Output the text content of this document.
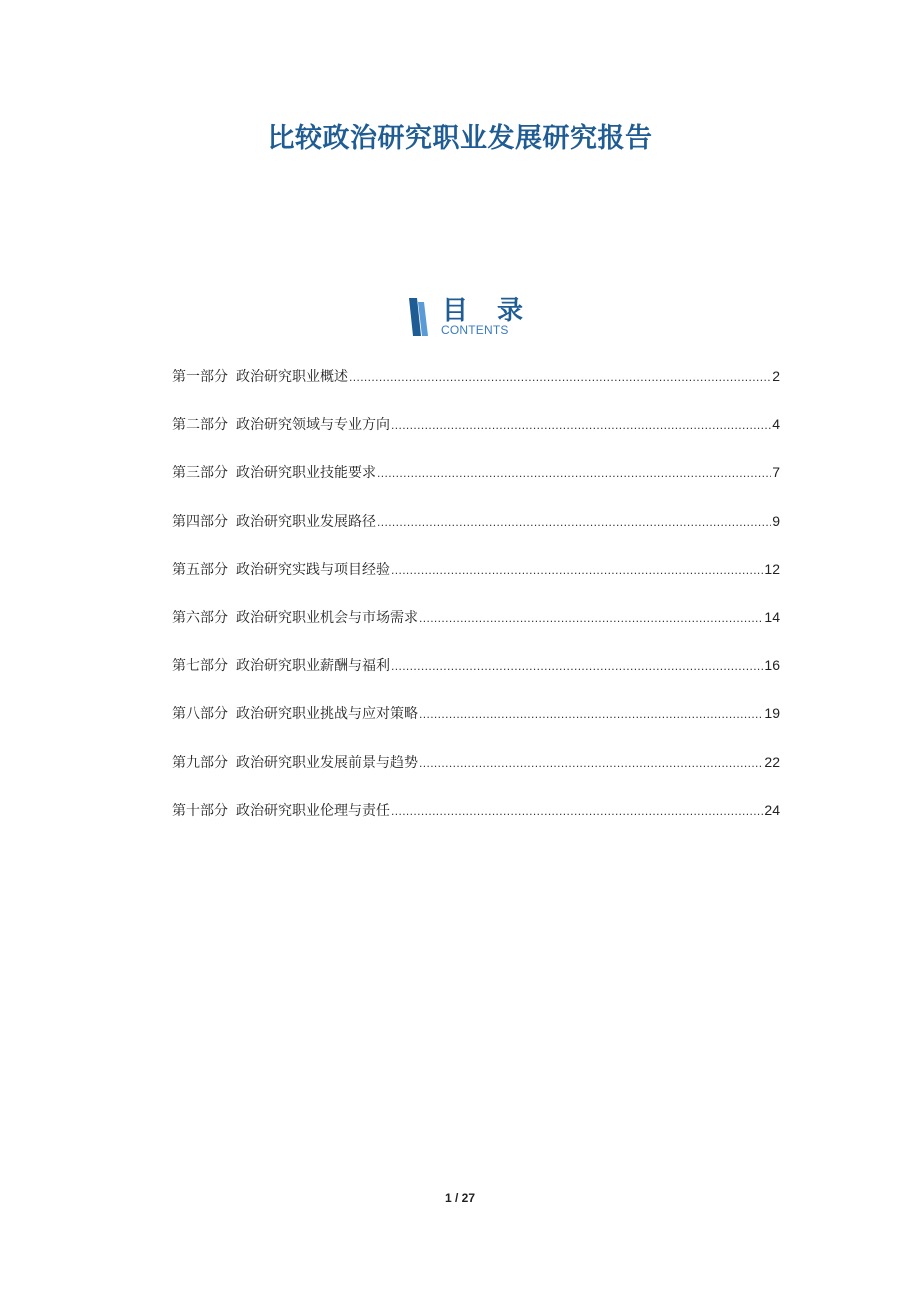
比较政治研究职业发展研究报告
目 录
CONTENTS
第一部分 政治研究职业概述 .....	2
第二部分 政治研究领域与专业方向 .....	4
第三部分 政治研究职业技能要求 .....	7
第四部分 政治研究职业发展路径 .....	9
第五部分 政治研究实践与项目经验 .....	12
第六部分 政治研究职业机会与市场需求 .....	14
第七部分 政治研究职业薪酬与福利 .....	16
第八部分 政治研究职业挑战与应对策略 .....	19
第九部分 政治研究职业发展前景与趋势 .....	22
第十部分 政治研究职业伦理与责任 .....	24
1 / 27
